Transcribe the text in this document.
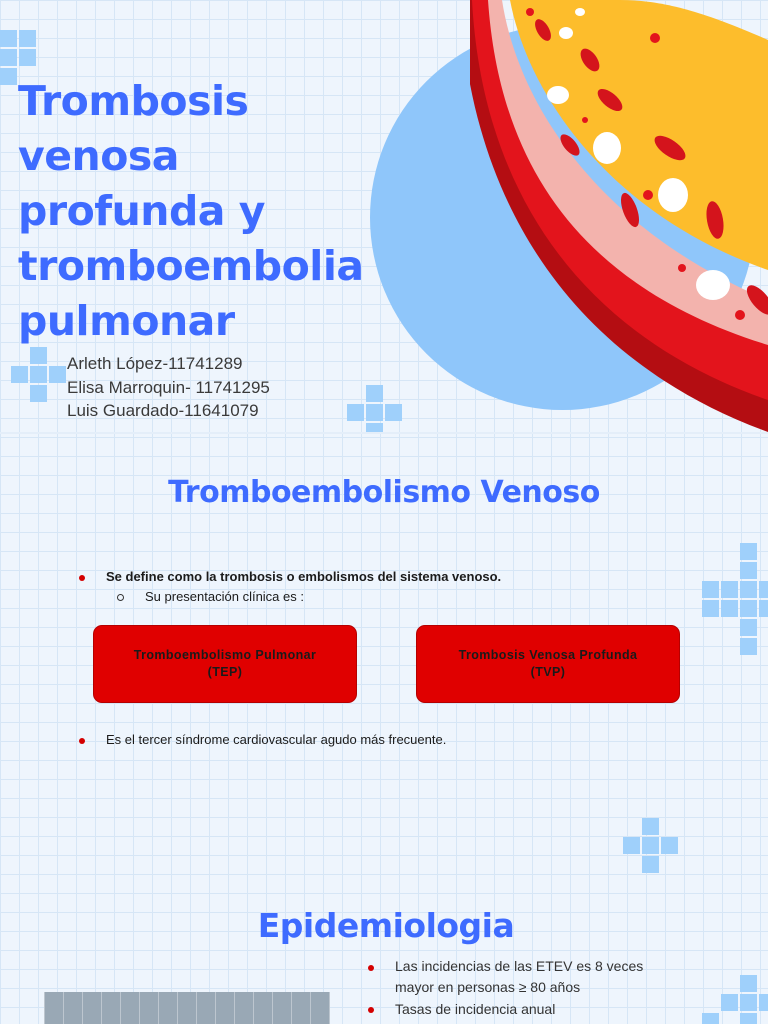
Trombosis
venosa
profunda y
tromboembolia
pulmonar
Arleth López-11741289
Elisa Marroquin- 11741295
Luis Guardado-11641079
Tromboembolismo Venoso
Se define como la trombosis o embolismos del sistema venoso.
Su presentación clínica es :
Tromboembolismo Pulmonar
(TEP)
Trombosis Venosa Profunda
(TVP)
Es el tercer síndrome cardiovascular agudo más frecuente.
Epidemiologia
Las incidencias de las ETEV es 8 veces
mayor en personas ≥ 80 años
Tasas de incidencia anual
